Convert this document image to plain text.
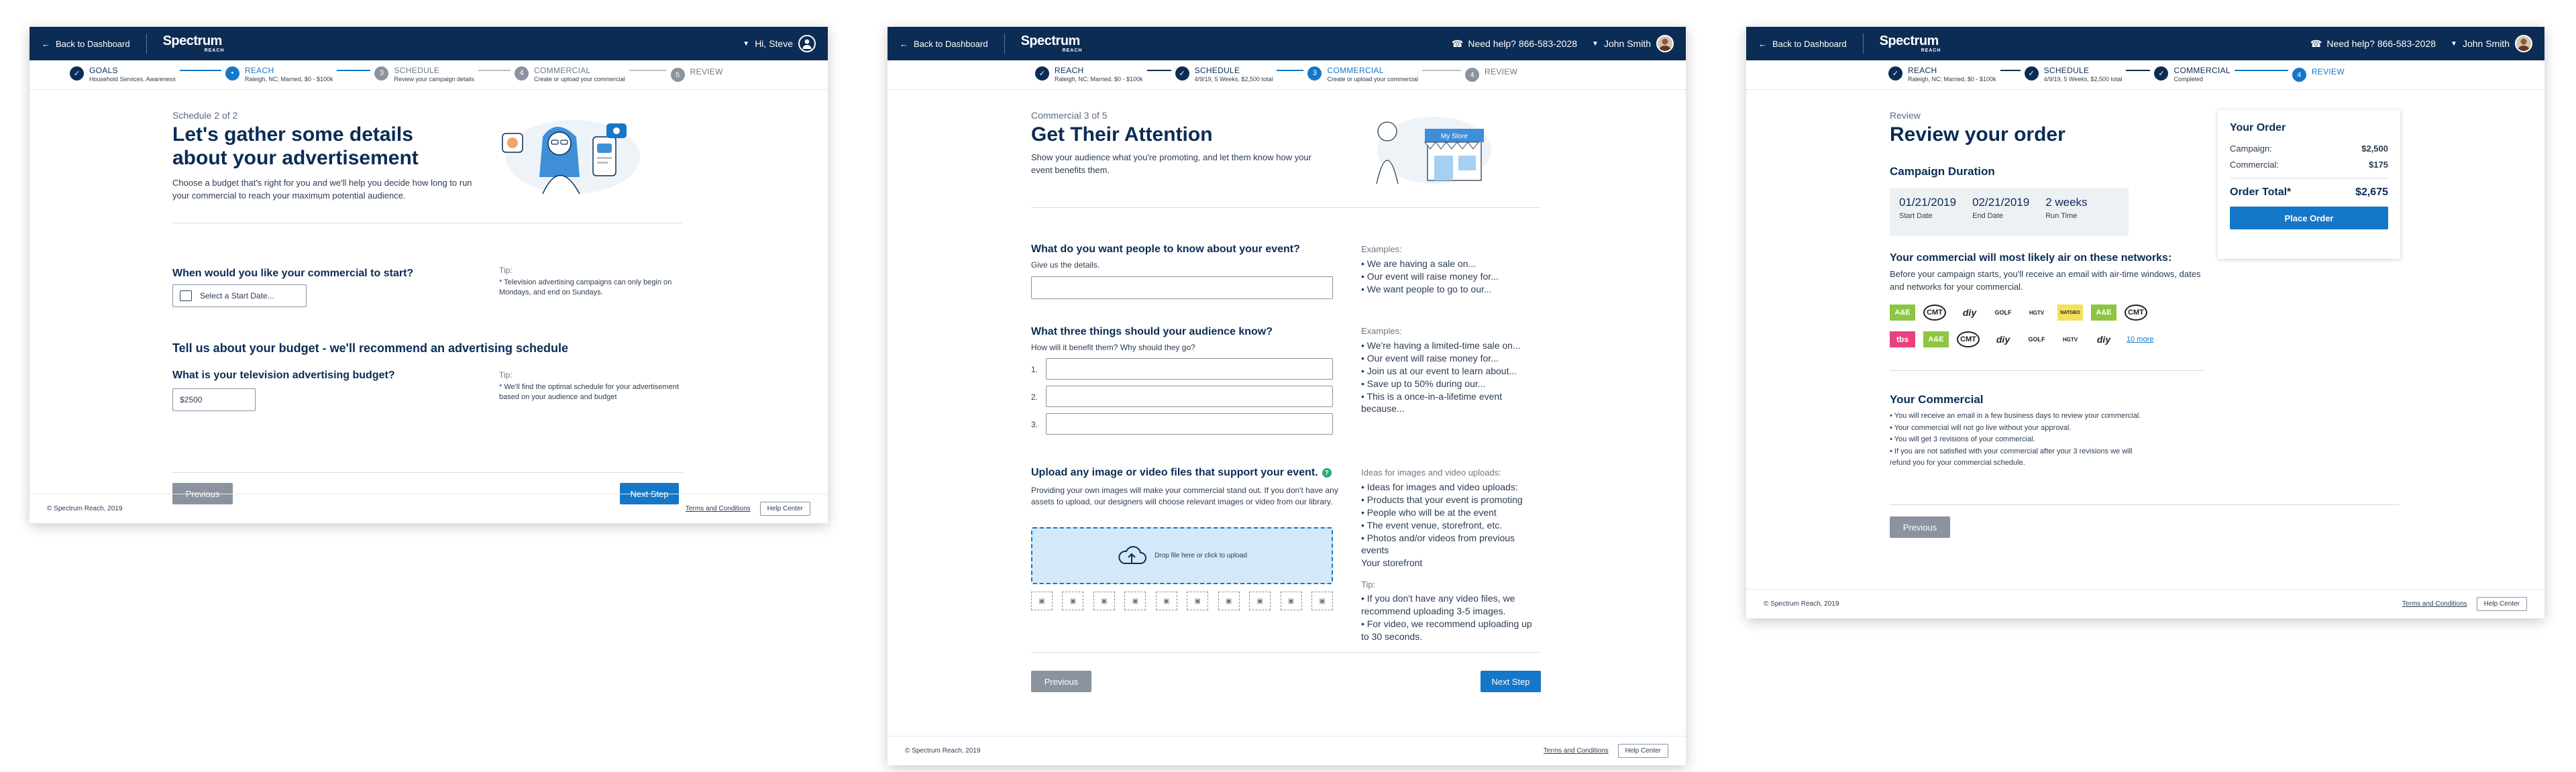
← Back to Dashboard Spectrum
REACH
▼ Hi, Steve
✓	GOALS
Household Services, Awareness
•	REACH
Raleigh, NC; Married, $0 - $100k
3	SCHEDULE
Review your campaign details
4	COMMERCIAL
Create or upload your commercial
5	REVIEW
Schedule 2 of 2
Let's gather some details about your advertisement
Choose a budget that's right for you and we'll help you decide how long to run your commercial to reach your maximum potential audience.
When would you like your commercial to start?
Select a Start Date...
Tip:
* Television advertising campaigns can only begin on Mondays, and end on Sundays.
Tell us about your budget - we'll recommend an advertising schedule
What is your television advertising budget?
$2500
Tip:
* We'll find the optimal schedule for your advertisement based on your audience and budget
Previous	Next Step
© Spectrum Reach, 2019	Terms and Conditions	Help Center
← Back to Dashboard Spectrum
REACH
☎ Need help? 866-583-2028 ▼ John Smith
✓	REACH
Raleigh, NC; Married, $0 - $100k
✓	SCHEDULE
4/9/19, 5 Weeks, $2,500 total
3	COMMERCIAL
Create or upload your commercial
4	REVIEW
Commercial 3 of 5
Get Their Attention
Show your audience what you're promoting, and let them know how your event benefits them.
My Store
What do you want people to know about your event?
Give us the details.
Examples:
• We are having a sale on...
• Our event will raise money for...
• We want people to go to our...
What three things should your audience know?
How will it benefit them? Why should they go?
1.
2.
3.
Examples:
• We're having a limited-time sale on...
• Our event will raise money for...
• Join us at our event to learn about...
• Save up to 50% during our...
• This is a once-in-a-lifetime event
because...
Upload any image or video files that support your event. ?
Providing your own images will make your commercial stand out. If you don't have any assets to upload, our designers will choose relevant images or video from our library.
Drop file here or click to upload
▣	▣	▣	▣	▣	▣	▣	▣	▣	▣
Ideas for images and video uploads:
• Ideas for images and video uploads:
• Products that your event is promoting
• People who will be at the event
• The event venue, storefront, etc.
• Photos and/or videos from previous
events
Your storefront
Tip:
• If you don't have any video files, we
recommend uploading 3-5 images.
• For video, we recommend uploading up
to 30 seconds.
Previous	Next Step
© Spectrum Reach, 2019	Terms and Conditions	Help Center
← Back to Dashboard Spectrum
REACH
☎ Need help? 866-583-2028 ▼ John Smith
✓	REACH
Raleigh, NC; Married, $0 - $100k
✓	SCHEDULE
4/9/19, 5 Weeks, $2,500 total
✓	COMMERCIAL
Completed
4	REVIEW
Review
Review your order
Campaign Duration
01/21/2019
Start Date
02/21/2019
End Date
2 weeks
Run Time
Your commercial will most likely air on these networks:
Before your campaign starts, you'll receive an email with air-time windows, dates and networks for your commercial.
A&E	CMT	diy	GOLF	HGTV	NATGEO	A&E	CMT
tbs	A&E	CMT	diy	GOLF	HGTV	diy	10 more
Your Commercial
• You will receive an email in a few business days to review your commercial.
• Your commercial will not go live without your approval.
• You will get 3 revisions of your commercial.
• If you are not satisfied with your commercial after your 3 revisions we will
refund you for your commercial schedule.
Your Order
Campaign:	$2,500
Commercial:	$175
Order Total*	$2,675
Place Order
Previous
© Spectrum Reach, 2019	Terms and Conditions	Help Center
